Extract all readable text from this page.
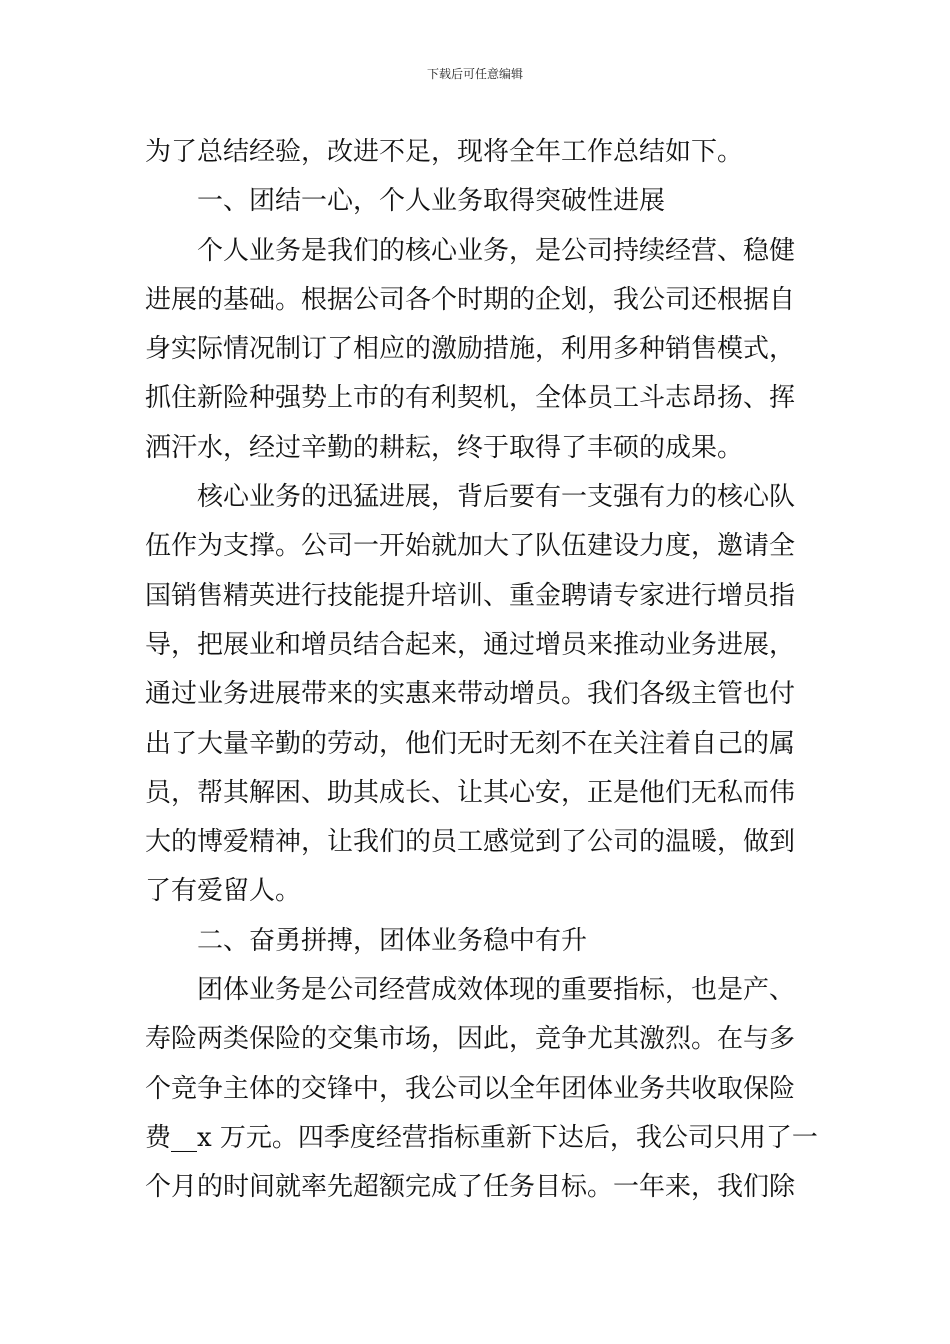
下载后可任意编辑
为了总结经验，改进不足，现将全年工作总结如下。
一、团结一心，个人业务取得突破性进展
个人业务是我们的核心业务，是公司持续经营、稳健
进展的基础。根据公司各个时期的企划，我公司还根据自
身实际情况制订了相应的激励措施，利用多种销售模式，
抓住新险种强势上市的有利契机，全体员工斗志昂扬、挥
洒汗水，经过辛勤的耕耘，终于取得了丰硕的成果。
核心业务的迅猛进展，背后要有一支强有力的核心队
伍作为支撑。公司一开始就加大了队伍建设力度，邀请全
国销售精英进行技能提升培训、重金聘请专家进行增员指
导，把展业和增员结合起来，通过增员来推动业务进展，
通过业务进展带来的实惠来带动增员。我们各级主管也付
出了大量辛勤的劳动，他们无时无刻不在关注着自己的属
员，帮其解困、助其成长、让其心安，正是他们无私而伟
大的博爱精神，让我们的员工感觉到了公司的温暖，做到
了有爱留人。
二、奋勇拼搏，团体业务稳中有升
团体业务是公司经营成效体现的重要指标，也是产、
寿险两类保险的交集市场，因此，竞争尤其激烈。在与多
个竞争主体的交锋中，我公司以全年团体业务共收取保险
费__x 万元。四季度经营指标重新下达后，我公司只用了一
个月的时间就率先超额完成了任务目标。一年来，我们除
